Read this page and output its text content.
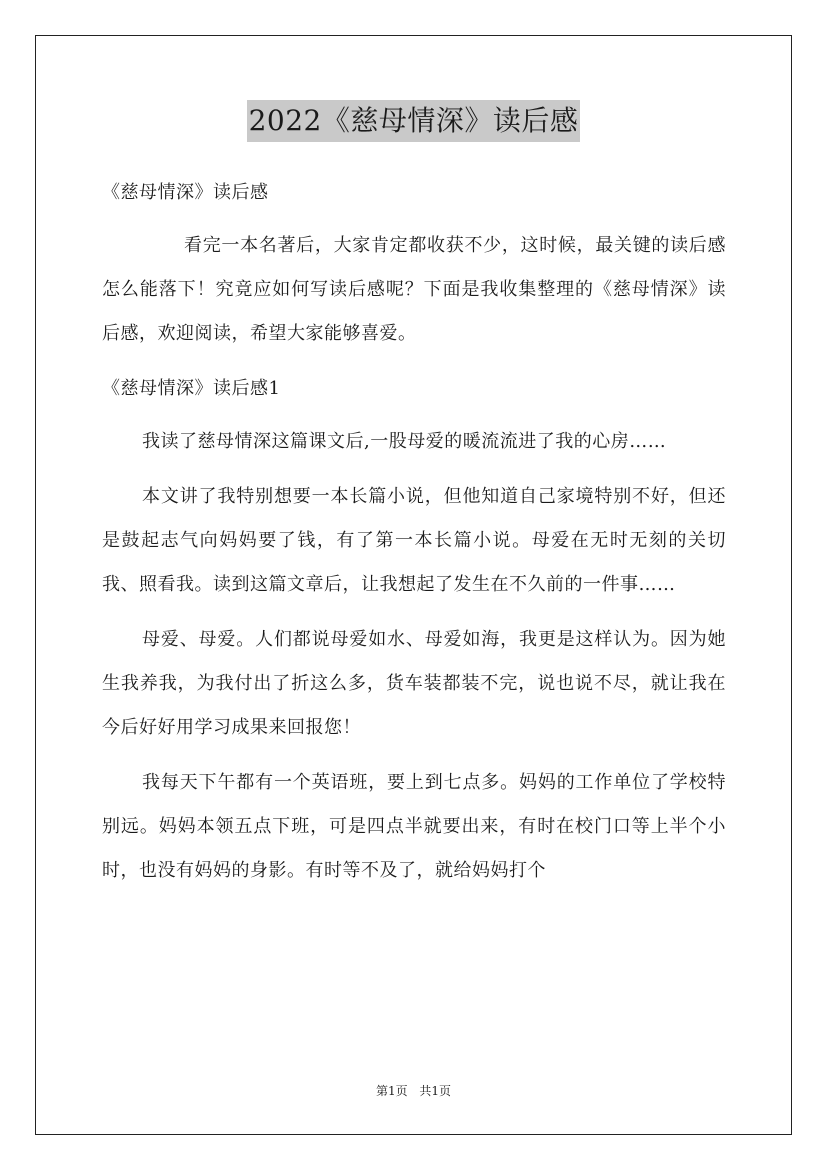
2022《慈母情深》读后感

《慈母情深》读后感

看完一本名著后，大家肯定都收获不少，这时候，最关键的读后感怎么能落下！究竟应如何写读后感呢？下面是我收集整理的《慈母情深》读后感，欢迎阅读，希望大家能够喜爱。

《慈母情深》读后感1

我读了慈母情深这篇课文后,一股母爱的暖流流进了我的心房……

本文讲了我特别想要一本长篇小说，但他知道自己家境特别不好，但还是鼓起志气向妈妈要了钱，有了第一本长篇小说。母爱在无时无刻的关切我、照看我。读到这篇文章后，让我想起了发生在不久前的一件事……

母爱、母爱。人们都说母爱如水、母爱如海，我更是这样认为。因为她生我养我，为我付出了折这么多，货车装都装不完，说也说不尽，就让我在今后好好用学习成果来回报您！

我每天下午都有一个英语班，要上到七点多。妈妈的工作单位了学校特别远。妈妈本领五点下班，可是四点半就要出来，有时在校门口等上半个小时，也没有妈妈的身影。有时等不及了，就给妈妈打个

第1页 共1页
